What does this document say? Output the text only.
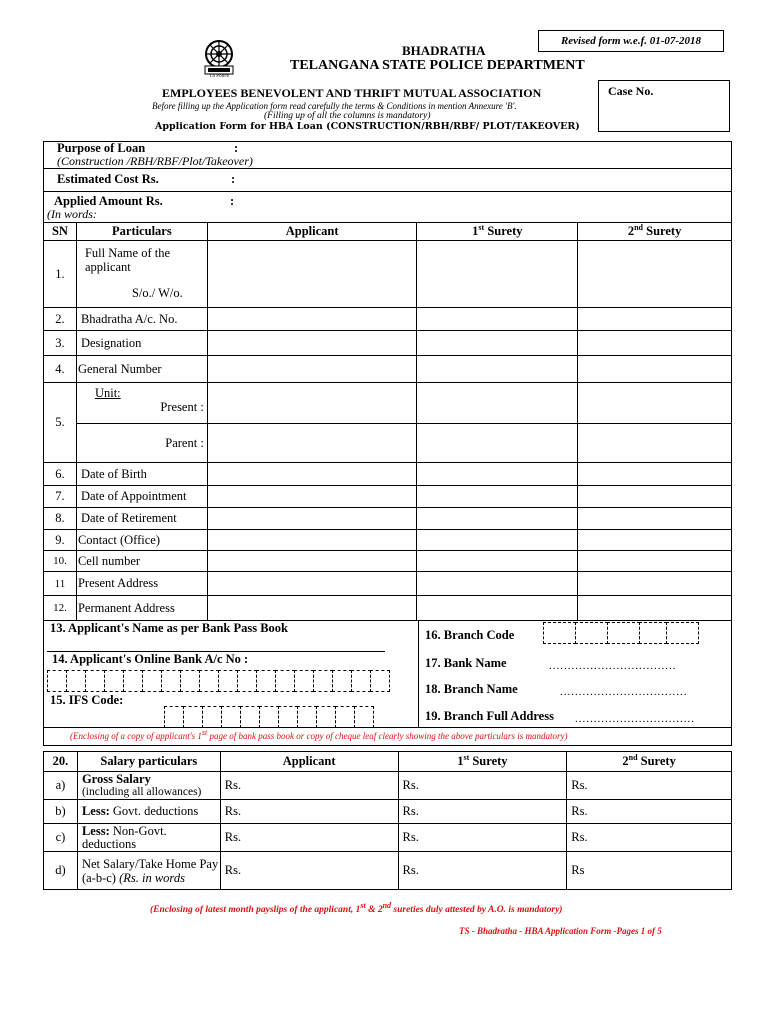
Revised form w.e.f. 01-07-2018
TS Police
BHADRATHA
TELANGANA STATE POLICE DEPARTMENT
EMPLOYEES BENEVOLENT AND THRIFT MUTUAL ASSOCIATION
Before filling up the Application form read carefully the terms & Conditions in mention Annexure 'B'.
(Filling up of all the columns is mandatory)
Application Form for HBA Loan (CONSTRUCTION/RBH/RBF/ PLOT/TAKEOVER)
Case No.
Purpose of Loan	:
(Construction /RBH/RBF/Plot/Takeover)
Estimated Cost Rs.	:
Applied Amount Rs.	:
(In words:
SN	Particulars	Applicant	1st Surety	2nd Surety
1.	Full Name of the applicant
S/o./ W/o.			

2.	Bhadratha A/c. No.			
3.	Designation			
4.	General Number			
5.	Unit:
Present :			

	Parent :			
6.	Date of Birth			
7.	Date of Appointment			
8.	Date of Retirement			
9.	Contact (Office)			
10.	Cell number			
11	Present Address			
12.	Permanent Address			
13. Applicant's Name as per Bank Pass Book
14. Applicant's Online Bank A/c No :
15. IFS Code:
16. Branch Code
17. Bank Name	..................................
18. Branch Name	..................................
19. Branch Full Address ................................
(Enclosing of a copy of applicant's 1st page of bank pass book or copy of cheque leaf clearly showing the above particulars is mandatory)
20.	Salary particulars	Applicant	1st Surety	2nd Surety
a)	Gross Salary
(including all allowances)	Rs.	Rs.	Rs.
b)	Less: Govt. deductions	Rs.	Rs.	Rs.
c)	Less: Non-Govt. deductions	Rs.	Rs.	Rs.
d)	Net Salary/Take Home Pay (a-b-c) (Rs. in words	Rs.	Rs.	Rs
(Enclosing of latest month payslips of the applicant, 1st & 2nd sureties duly attested by A.O. is mandatory)
TS - Bhadratha - HBA Application Form -Pages 1 of 5
